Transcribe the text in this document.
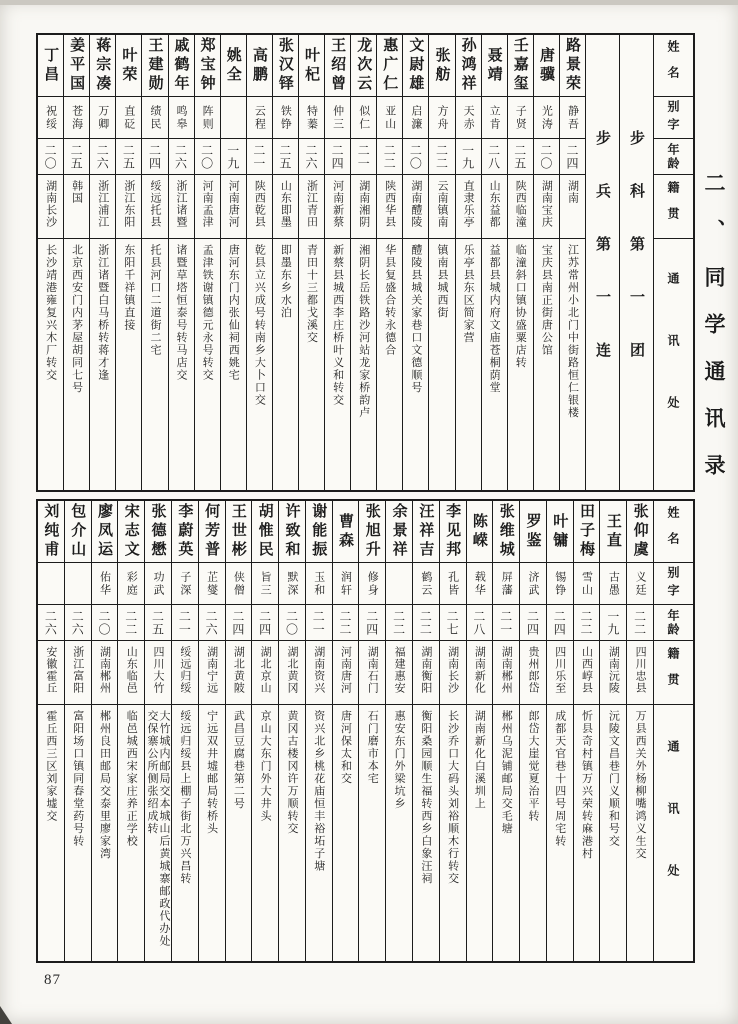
二、同学通讯录
姓名
别字
年龄
籍贯
通讯处
步科第一团
步兵第一连
路景荣
静吾
二四
湖南
江苏常州小北门中街路恒仁银楼
唐骥
光涛
二〇
湖南宝庆
宝庆县南正街唐公馆
壬嘉玺
子贤
二五
陕西临潼
临潼斜口镇协盛粟店转
聂靖
立肯
二八
山东益都
益都县城内府文庙苍桐荫堂
孙鸿祥
天赤
一九
直隶乐亭
乐亭县东区简家营
张舫
方舟
二二
云南镇南
镇南县城西街
文尉雄
启濂
二〇
湖南醴陵
醴陵县城关家巷口文德顺号
惠广仁
亚山
二二
陕西华县
华县复盛合转永德合
龙次云
似仁
二一
湖南湘阴
湘阴长岳铁路沙河站龙家桥韵卢
王绍曾
仲三
二四
河南新蔡
新蔡县城西李庄桥叶义和转交
叶杞
特蓁
二六
浙江青田
青田十三都戈溪交
张汉铎
铁铮
二五
山东即墨
即墨东乡水泊
高鹏
云程
二一
陕西乾县
乾县立兴成号转南乡大卜口交
姚全
一九
河南唐河
唐河东门内张仙祠西姚宅
郑宝钟
阵则
二〇
河南孟津
孟津铁谢镇德元永号转交
戚鹤年
鸣皋
二六
浙江诸暨
诸暨草塔恒泰号转马店交
王建勋
绩民
二四
绥远托县
托县河口二道街二宅
叶荣
直砭
二五
浙江东阳
东阳千祥镇直接
蒋宗凑
万卿
二六
浙江浦江
浙江诸暨白马桥转蒋才逢
姜平国
苍海
二五
韩国
北京西安门内茅屋胡同七号
丁昌
祝绥
二〇
湖南长沙
长沙靖港雍复兴木厂转交
姓名
别字
年龄
籍贯
通讯处
张仰虞
义廷
二二
四川忠县
万县西关外杨柳嘴鸿义生交
王直
古愚
一九
湖南沅陵
沅陵文昌巷门义顺和号交
田子梅
雪山
二二
山西崞县
忻县奇村镇万兴荣转麻港村
叶镛
锡铮
二四
四川乐至
成都天官巷十四号周宅转
罗鉴
济武
二四
贵州郎岱
郎岱大崖觉夏治平转
张维城
屏藩
二一
湖南郴州
郴州乌泥铺邮局交毛塘
陈嵘
载华
二八
湖南新化
湖南新化白溪圳上
李见邦
孔皆
二七
湖南长沙
长沙乔口大码头刘裕顺木行转交
汪祥吉
鹤云
二二
湖南衡阳
衡阳桑园顺生福转西乡白象汪祠
余景祥
二二
福建惠安
惠安东门外梁坑乡
张旭升
修身
二四
湖南石门
石门磨市本宅
曹森
润轩
二二
河南唐河
唐河保太和交
谢能振
玉和
二一
湖南资兴
资兴北乡桃花庙恒丰裕坧子塘
许致和
默深
二〇
湖北黄冈
黄冈古楼冈许万顺转交
胡惟民
旨三
二四
湖北京山
京山大东门外大井头
王世彬
侠僧
二四
湖北黄陂
武昌豆腐巷第二号
何芳普
芷燮
二六
湖南宁远
宁远双井墟邮局转桥头
李蔚英
子深
二一
绥远归绥
绥远归绥县上棚子街北万兴昌转
张德懋
功武
二五
四川大竹
大竹城内邮局交本城山后黄城寨邮政代办处交保寨公所侧张绍成转
宋志文
彩庭
二二
山东临邑
临邑城西宋家庄养正学校
廖凤运
佑华
二〇
湖南郴州
郴州良田邮局交泰里廖家湾
包介山
二六
浙江富阳
富阳场口镇同春堂药号转
刘纯甫
二六
安徽霍丘
霍丘西三区刘家墟交
87
